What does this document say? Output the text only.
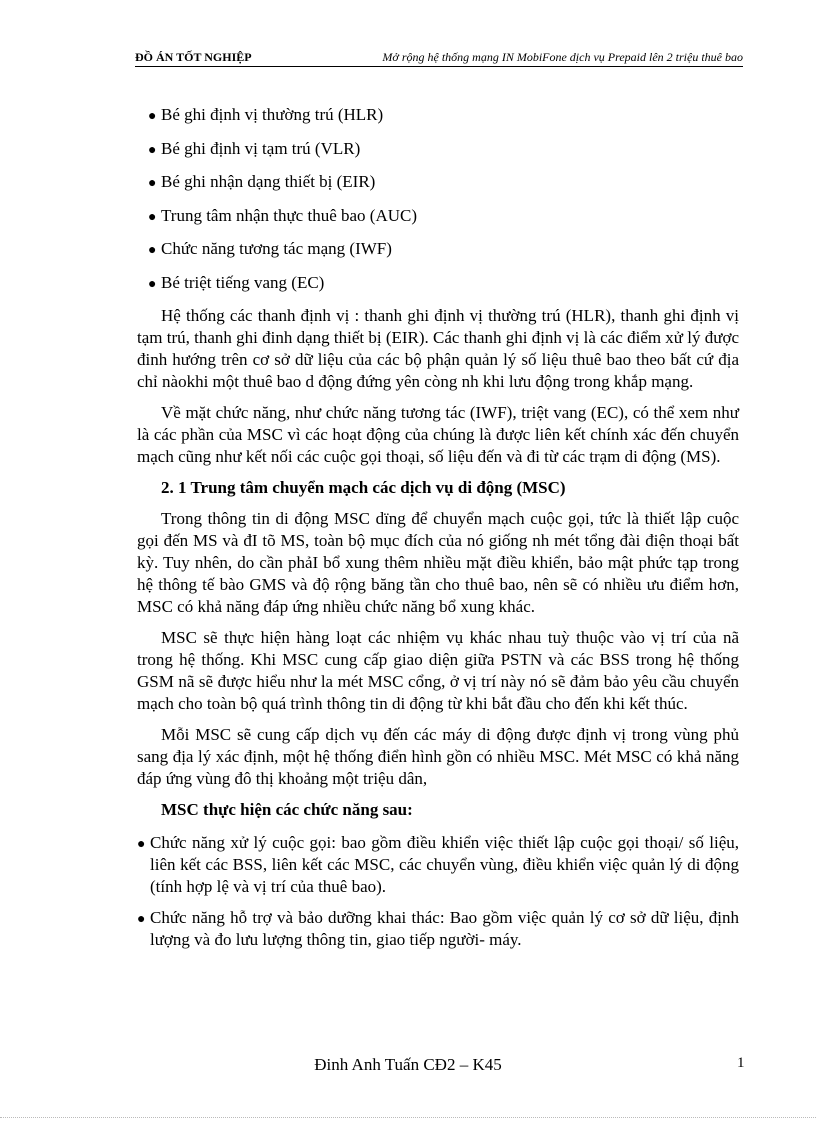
ĐỒ ÁN TỐT NGHIỆP	Mở rộng hệ thống mạng IN MobiFone dịch vụ Prepaid lên 2 triệu thuê bao
● Bé ghi định vị thường trú (HLR)
● Bé ghi định vị tạm trú (VLR)
● Bé ghi nhận dạng thiết bị (EIR)
● Trung tâm nhận thực thuê bao (AUC)
● Chức năng tương tác mạng (IWF)
● Bé triệt tiếng vang (EC)

Hệ thống các thanh định vị : thanh ghi định vị thường trú (HLR), thanh ghi định vị tạm trú, thanh ghi đinh dạng thiết bị (EIR). Các thanh ghi định vị là các điểm xử lý được đinh hướng trên cơ sở dữ liệu của các bộ phận quản lý số liệu thuê bao theo bất cứ địa chỉ nàokhi một thuê bao d động đứng yên còng nh khi lưu động trong khắp mạng.

Về mặt chức năng, như chức năng tương tác (IWF), triệt vang (EC), có thể xem như là các phần của MSC vì các hoạt động của chúng là được liên kết chính xác đến chuyển mạch cũng như kết nối các cuộc gọi thoại, số liệu đến và đi từ các trạm di động (MS).

2. 1 Trung tâm chuyển mạch các dịch vụ di động (MSC)

Trong thông tin di động MSC dïng để chuyển mạch cuộc gọi, tức là thiết lập cuộc gọi đến MS và đI tõ MS, toàn bộ mục đích của nó giống nh mét tổng đài điện thoại bất kỳ. Tuy nhên, do cần phảI bổ xung thêm nhiều mặt điều khiển, bảo mật phức tạp trong hệ thông tế bào GMS và độ rộng băng tần cho thuê bao, nên sẽ có nhiều ưu điểm hơn, MSC có khả năng đáp ứng nhiều chức năng bổ xung khác.

MSC sẽ thực hiện hàng loạt các nhiệm vụ khác nhau tuỳ thuộc vào vị trí của nã trong hệ thống. Khi MSC cung cấp giao diện giữa PSTN và các BSS trong hệ thống GSM nã sẽ được hiểu như la mét MSC cổng, ở vị trí này nó sẽ đảm bảo yêu cầu chuyển mạch cho toàn bộ quá trình thông tin di động từ khi bắt đầu cho đến khi kết thúc.

Mỗi MSC sẽ cung cấp dịch vụ đến các máy di động được định vị trong vùng phủ sang địa lý xác định, một hệ thống điển hình gồn có nhiều MSC. Mét MSC có khả năng đáp ứng vùng đô thị khoảng một triệu dân,

MSC thực hiện các chức năng sau:
● Chức năng xử lý cuộc gọi: bao gồm điều khiển việc thiết lập cuộc gọi thoại/ số liệu, liên kết các BSS, liên kết các MSC, các chuyển vùng, điều khiển việc quản lý di động (tính hợp lệ và vị trí của thuê bao).
● Chức năng hỗ trợ và bảo dưỡng khai thác: Bao gồm việc quản lý cơ sở dữ liệu, định lượng và đo lưu lượng thông tin, giao tiếp người- máy.
Đinh Anh Tuấn CĐ2 – K45	1
